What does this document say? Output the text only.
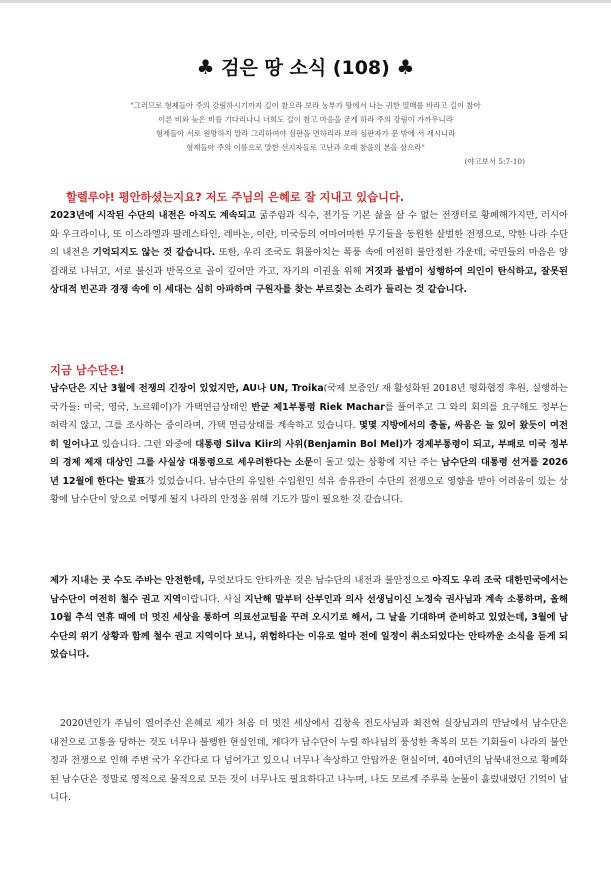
♣ 검은 땅 소식 (108) ♣
"그러므로 형제들아 주의 강림하시기까지 길이 참으라 보라 농부가 땅에서 나는 귀한 열매를 바라고 길이 참아
이른 비와 늦은 비를 기다리나니 너희도 길이 참고 마음을 굳게 하라 주의 강림이 가까우니라
형제들아 서로 원망하지 말라 그리하여야 심판을 면하리라 보라 심판자가 문 밖에 서 계시니라
형제들아 주의 이름으로 말한 선지자들로 고난과 오래 참음의 본을 삼으라"
(야고보서 5:7-10)
할렐루야! 평안하셨는지요? 저도 주님의 은혜로 잘 지내고 있습니다.
2023년에 시작된 수단의 내전은 아직도 계속되고 굶주림과 식수, 전기등 기본 삶을 살 수 없는 전쟁터로 황폐해가지만, 러시아와 우크라이나, 또 이스라엘과 팔레스타인, 레바논, 이란, 미국등의 어마어마한 무기들을 동원한 살벌한 전쟁으로, 약한 나라 수단의 내전은 기억되지도 않는 것 같습니다. 또한, 우리 조국도 휘몰아치는 폭풍 속에 여전히 불안정한 가운데, 국민들의 마음은 양갈래로 나뉘고, 서로 불신과 반목으로 골이 깊어만 가고, 자기의 이권을 위해 거짓과 불법이 성행하여 의인이 탄식하고, 잘못된 상대적 빈곤과 경쟁 속에 이 세대는 심히 아파하며 구원자를 찾는 부르짖는 소리가 들리는 것 같습니다.
지금 남수단은!
남수단은 지난 3월에 전쟁의 긴장이 있었지만, AU나 UN, Troika(국제 보증인/ 재 활성화된 2018년 평화협정 후원, 실행하는 국가들: 미국, 영국, 노르웨이)가 가택연금상태인 반군 제1부통령 Riek Machar를 풀어주고 그 와의 회의를 요구해도 정부는 허락지 않고, 그를 조사하는 중이라며, 가택 연금상태를 계속하고 있습니다. 몇몇 지방에서의 충돌, 싸움은 늘 있어 왔듯이 여전히 일어나고 있습니다. 그런 와중에 대통령 Silva Kiir의 사위(Benjamin Bol Mel)가 경제부통령이 되고, 부패로 미국 정부의 경제 제재 대상인 그를 사실상 대통령으로 세우려한다는 소문이 돌고 있는 상황에 지난 주는 남수단의 대통령 선거를 2026년 12월에 한다는 발표가 있었습니다. 남수단의 유일한 수입원인 석유 송유관이 수단의 전쟁으로 영향을 받아 어려움이 있는 상황에 남수단이 앞으로 어떻게 될지 나라의 안정을 위해 기도가 많이 필요한 것 같습니다.
제가 지내는 곳 수도 주바는 안전한데, 무엇보다도 안타까운 것은 남수단의 내전과 불안정으로 아직도 우리 조국 대한민국에서는 남수단이 여전히 철수 권고 지역이랍니다. 사실 지난해 말부터 산부인과 의사 선생님이신 노정숙 권사님과 계속 소통하며, 올해 10월 추석 연휴 때에 더 멋진 세상을 통하여 의료선교팀을 꾸려 오시기로 해서, 그 날을 기대하며 준비하고 있었는데, 3월에 남수단의 위기 상황과 함께 철수 권고 지역이다 보니, 위험하다는 이유로 얼마 전에 일정이 취소되었다는 안타까운 소식을 듣게 되었습니다.
2020년인가 주님이 열어주신 은혜로 제가 처음 더 멋진 세상에서 김창욱 전도사님과 최진혁 실장님과의 만남에서 남수단은 내전으로 고통을 당하는 것도 너무나 불행한 현실인데, 게다가 남수단이 누릴 하나님의 풍성한 축복의 모든 기회들이 나라의 불안정과 전쟁으로 인해 주변 국가 우간다로 다 넘어가고 있으니 너무나 속상하고 안탑까운 현실이며, 40여년의 남북내전으로 황폐화된 남수단은 정말로 영적으로 물적으로 모든 것이 너무나도 필요하다고 나누며, 나도 모르게 주루룩 눈물이 흘렀내렸던 기억이 납니다.
